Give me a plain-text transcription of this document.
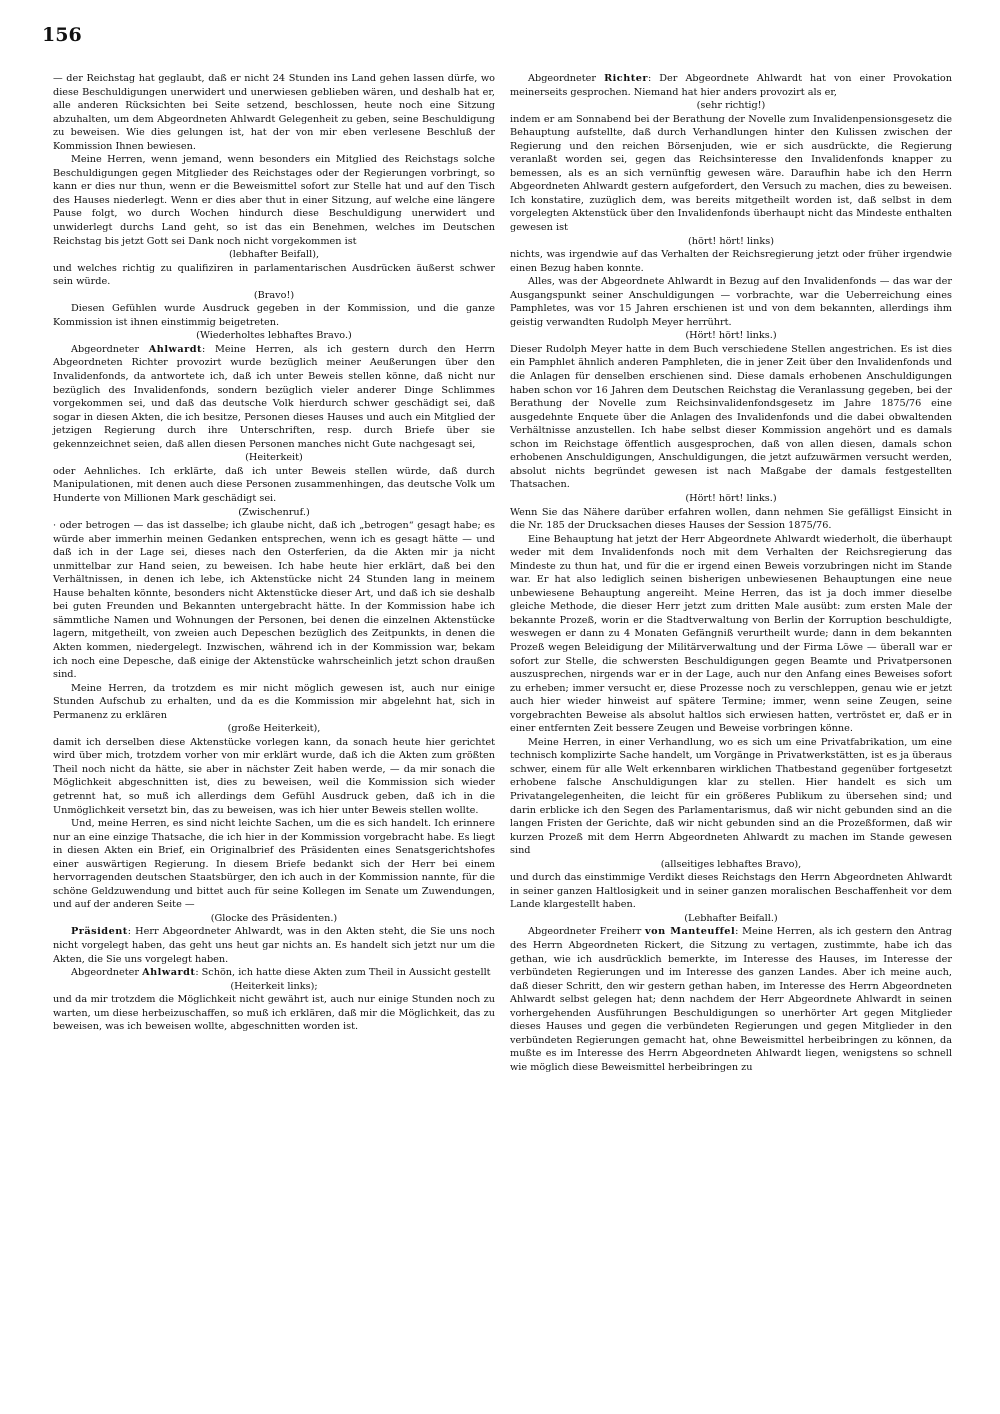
156

— der Reichstag hat geglaubt, daß er nicht 24 Stunden ins Land gehen lassen dürfe, wo diese Beschuldigungen unerwidert und unerwiesen geblieben wären, und deshalb hat er, alle anderen Rücksichten bei Seite setzend, beschlossen, heute noch eine Sitzung abzuhalten, um dem Abgeordneten Ahlwardt Gelegenheit zu geben, seine Beschuldigung zu beweisen. Wie dies gelungen ist, hat der von mir eben verlesene Beschluß der Kommission Ihnen bewiesen.

Meine Herren, wenn jemand, wenn besonders ein Mitglied des Reichstags solche Beschuldigungen gegen Mitglieder des Reichstages oder der Regierungen vorbringt, so kann er dies nur thun, wenn er die Beweismittel sofort zur Stelle hat und auf den Tisch des Hauses niederlegt. Wenn er dies aber thut in einer Sitzung, auf welche eine längere Pause folgt, wo durch Wochen hindurch diese Beschuldigung unerwidert und unwiderlegt durchs Land geht, so ist das ein Benehmen, welches im Deutschen Reichstag bis jetzt Gott sei Dank noch nicht vorgekommen ist

(lebhafter Beifall),

und welches richtig zu qualifiziren in parlamentarischen Ausdrücken äußerst schwer sein würde.

(Bravo!)

Diesen Gefühlen wurde Ausdruck gegeben in der Kommission, und die ganze Kommission ist ihnen einstimmig beigetreten.

(Wiederholtes lebhaftes Bravo.)

Abgeordneter Ahlwardt: Meine Herren, als ich gestern durch den Herrn Abgeordneten Richter provozirt wurde bezüglich meiner Aeußerungen über den Invalidenfonds, da antwortete ich, daß ich unter Beweis stellen könne, daß nicht nur bezüglich des Invalidenfonds, sondern bezüglich vieler anderer Dinge Schlimmes vorgekommen sei, und daß das deutsche Volk hierdurch schwer geschädigt sei, daß sogar in diesen Akten, die ich besitze, Personen dieses Hauses und auch ein Mitglied der jetzigen Regierung durch ihre Unterschriften, resp. durch Briefe über sie gekennzeichnet seien, daß allen diesen Personen manches nicht Gute nachgesagt sei,

(Heiterkeit)

oder Aehnliches. Ich erklärte, daß ich unter Beweis stellen würde, daß durch Manipulationen, mit denen auch diese Personen zusammenhingen, das deutsche Volk um Hunderte von Millionen Mark geschädigt sei.

(Zwischenruf.)

· oder betrogen — das ist dasselbe; ich glaube nicht, daß ich „betrogen“ gesagt habe; es würde aber immerhin meinen Gedanken entsprechen, wenn ich es gesagt hätte — und daß ich in der Lage sei, dieses nach den Osterferien, da die Akten mir ja nicht unmittelbar zur Hand seien, zu beweisen. Ich habe heute hier erklärt, daß bei den Verhältnissen, in denen ich lebe, ich Aktenstücke nicht 24 Stunden lang in meinem Hause behalten könnte, besonders nicht Aktenstücke dieser Art, und daß ich sie deshalb bei guten Freunden und Bekannten untergebracht hätte. In der Kommission habe ich sämmtliche Namen und Wohnungen der Personen, bei denen die einzelnen Aktenstücke lagern, mitgetheilt, von zweien auch Depeschen bezüglich des Zeitpunkts, in denen die Akten kommen, niedergelegt. Inzwischen, während ich in der Kommission war, bekam ich noch eine Depesche, daß einige der Aktenstücke wahrscheinlich jetzt schon draußen sind.

Meine Herren, da trotzdem es mir nicht möglich gewesen ist, auch nur einige Stunden Aufschub zu erhalten, und da es die Kommission mir abgelehnt hat, sich in Permanenz zu erklären

(große Heiterkeit),

damit ich derselben diese Aktenstücke vorlegen kann, da sonach heute hier gerichtet wird über mich, trotzdem vorher von mir erklärt wurde, daß ich die Akten zum größten Theil noch nicht da hätte, sie aber in nächster Zeit haben werde, — da mir sonach die Möglichkeit abgeschnitten ist, dies zu beweisen, weil die Kommission sich wieder getrennt hat, so muß ich allerdings dem Gefühl Ausdruck geben, daß ich in die Unmöglichkeit versetzt bin, das zu beweisen, was ich hier unter Beweis stellen wollte.

Und, meine Herren, es sind nicht leichte Sachen, um die es sich handelt. Ich erinnere nur an eine einzige Thatsache, die ich hier in der Kommission vorgebracht habe. Es liegt in diesen Akten ein Brief, ein Originalbrief des Präsidenten eines Senatsgerichtshofes einer auswärtigen Regierung. In diesem Briefe bedankt sich der Herr bei einem hervorragenden deutschen Staatsbürger, den ich auch in der Kommission nannte, für die schöne Geldzuwendung und bittet auch für seine Kollegen im Senate um Zuwendungen, und auf der anderen Seite —

(Glocke des Präsidenten.)

Präsident: Herr Abgeordneter Ahlwardt, was in den Akten steht, die Sie uns noch nicht vorgelegt haben, das geht uns heut gar nichts an. Es handelt sich jetzt nur um die Akten, die Sie uns vorgelegt haben.

Abgeordneter Ahlwardt: Schön, ich hatte diese Akten zum Theil in Aussicht gestellt

(Heiterkeit links);

und da mir trotzdem die Möglichkeit nicht gewährt ist, auch nur einige Stunden noch zu warten, um diese herbeizuschaffen, so muß ich erklären, daß mir die Möglichkeit, das zu beweisen, was ich beweisen wollte, abgeschnitten worden ist.

Abgeordneter Richter: Der Abgeordnete Ahlwardt hat von einer Provokation meinerseits gesprochen. Niemand hat hier anders provozirt als er,

(sehr richtig!)

indem er am Sonnabend bei der Berathung der Novelle zum Invalidenpensionsgesetz die Behauptung aufstellte, daß durch Verhandlungen hinter den Kulissen zwischen der Regierung und den reichen Börsenjuden, wie er sich ausdrückte, die Regierung veranlaßt worden sei, gegen das Reichsinteresse den Invalidenfonds knapper zu bemessen, als es an sich vernünftig gewesen wäre. Daraufhin habe ich den Herrn Abgeordneten Ahlwardt gestern aufgefordert, den Versuch zu machen, dies zu beweisen. Ich konstatire, zuzüglich dem, was bereits mitgetheilt worden ist, daß selbst in dem vorgelegten Aktenstück über den Invalidenfonds überhaupt nicht das Mindeste enthalten gewesen ist

(hört! hört! links)

nichts, was irgendwie auf das Verhalten der Reichsregierung jetzt oder früher irgendwie einen Bezug haben konnte.

Alles, was der Abgeordnete Ahlwardt in Bezug auf den Invalidenfonds — das war der Ausgangspunkt seiner Anschuldigungen — vorbrachte, war die Ueberreichung eines Pamphletes, was vor 15 Jahren erschienen ist und von dem bekannten, allerdings ihm geistig verwandten Rudolph Meyer herrührt.

(Hört! hört! links.)

Dieser Rudolph Meyer hatte in dem Buch verschiedene Stellen angestrichen. Es ist dies ein Pamphlet ähnlich anderen Pamphleten, die in jener Zeit über den Invalidenfonds und die Anlagen für denselben erschienen sind. Diese damals erhobenen Anschuldigungen haben schon vor 16 Jahren dem Deutschen Reichstag die Veranlassung gegeben, bei der Berathung der Novelle zum Reichsinvalidenfondsgesetz im Jahre 1875/76 eine ausgedehnte Enquete über die Anlagen des Invalidenfonds und die dabei obwaltenden Verhältnisse anzustellen. Ich habe selbst dieser Kommission angehört und es damals schon im Reichstage öffentlich ausgesprochen, daß von allen diesen, damals schon erhobenen Anschuldigungen, Anschuldigungen, die jetzt aufzuwärmen versucht werden, absolut nichts begründet gewesen ist nach Maßgabe der damals festgestellten Thatsachen.

(Hört! hört! links.)

Wenn Sie das Nähere darüber erfahren wollen, dann nehmen Sie gefälligst Einsicht in die Nr. 185 der Drucksachen dieses Hauses der Session 1875/76.

Eine Behauptung hat jetzt der Herr Abgeordnete Ahlwardt wiederholt, die überhaupt weder mit dem Invalidenfonds noch mit dem Verhalten der Reichsregierung das Mindeste zu thun hat, und für die er irgend einen Beweis vorzubringen nicht im Stande war. Er hat also lediglich seinen bisherigen unbewiesenen Behauptungen eine neue unbewiesene Behauptung angereiht. Meine Herren, das ist ja doch immer dieselbe gleiche Methode, die dieser Herr jetzt zum dritten Male ausübt: zum ersten Male der bekannte Prozeß, worin er die Stadtverwaltung von Berlin der Korruption beschuldigte, weswegen er dann zu 4 Monaten Gefängniß verurtheilt wurde; dann in dem bekannten Prozeß wegen Beleidigung der Militärverwaltung und der Firma Löwe — überall war er sofort zur Stelle, die schwersten Beschuldigungen gegen Beamte und Privatpersonen auszusprechen, nirgends war er in der Lage, auch nur den Anfang eines Beweises sofort zu erheben; immer versucht er, diese Prozesse noch zu verschleppen, genau wie er jetzt auch hier wieder hinweist auf spätere Termine; immer, wenn seine Zeugen, seine vorgebrachten Beweise als absolut haltlos sich erwiesen hatten, vertröstet er, daß er in einer entfernten Zeit bessere Zeugen und Beweise vorbringen könne.

Meine Herren, in einer Verhandlung, wo es sich um eine Privatfabrikation, um eine technisch komplizirte Sache handelt, um Vorgänge in Privatwerkstätten, ist es ja überaus schwer, einem für alle Welt erkennbaren wirklichen Thatbestand gegenüber fortgesetzt erhobene falsche Anschuldigungen klar zu stellen. Hier handelt es sich um Privatangelegenheiten, die leicht für ein größeres Publikum zu übersehen sind; und darin erblicke ich den Segen des Parlamentarismus, daß wir nicht gebunden sind an die langen Fristen der Gerichte, daß wir nicht gebunden sind an die Prozeßformen, daß wir kurzen Prozeß mit dem Herrn Abgeordneten Ahlwardt zu machen im Stande gewesen sind

(allseitiges lebhaftes Bravo),

und durch das einstimmige Verdikt dieses Reichstags den Herrn Abgeordneten Ahlwardt in seiner ganzen Haltlosigkeit und in seiner ganzen moralischen Beschaffenheit vor dem Lande klargestellt haben.

(Lebhafter Beifall.)

Abgeordneter Freiherr von Manteuffel: Meine Herren, als ich gestern den Antrag des Herrn Abgeordneten Rickert, die Sitzung zu vertagen, zustimmte, habe ich das gethan, wie ich ausdrücklich bemerkte, im Interesse des Hauses, im Interesse der verbündeten Regierungen und im Interesse des ganzen Landes. Aber ich meine auch, daß dieser Schritt, den wir gestern gethan haben, im Interesse des Herrn Abgeordneten Ahlwardt selbst gelegen hat; denn nachdem der Herr Abgeordnete Ahlwardt in seinen vorhergehenden Ausführungen Beschuldigungen so unerhörter Art gegen Mitglieder dieses Hauses und gegen die verbündeten Regierungen und gegen Mitglieder in den verbündeten Regierungen gemacht hat, ohne Beweismittel herbeibringen zu können, da mußte es im Interesse des Herrn Abgeordneten Ahlwardt liegen, wenigstens so schnell wie möglich diese Beweismittel herbeibringen zu
